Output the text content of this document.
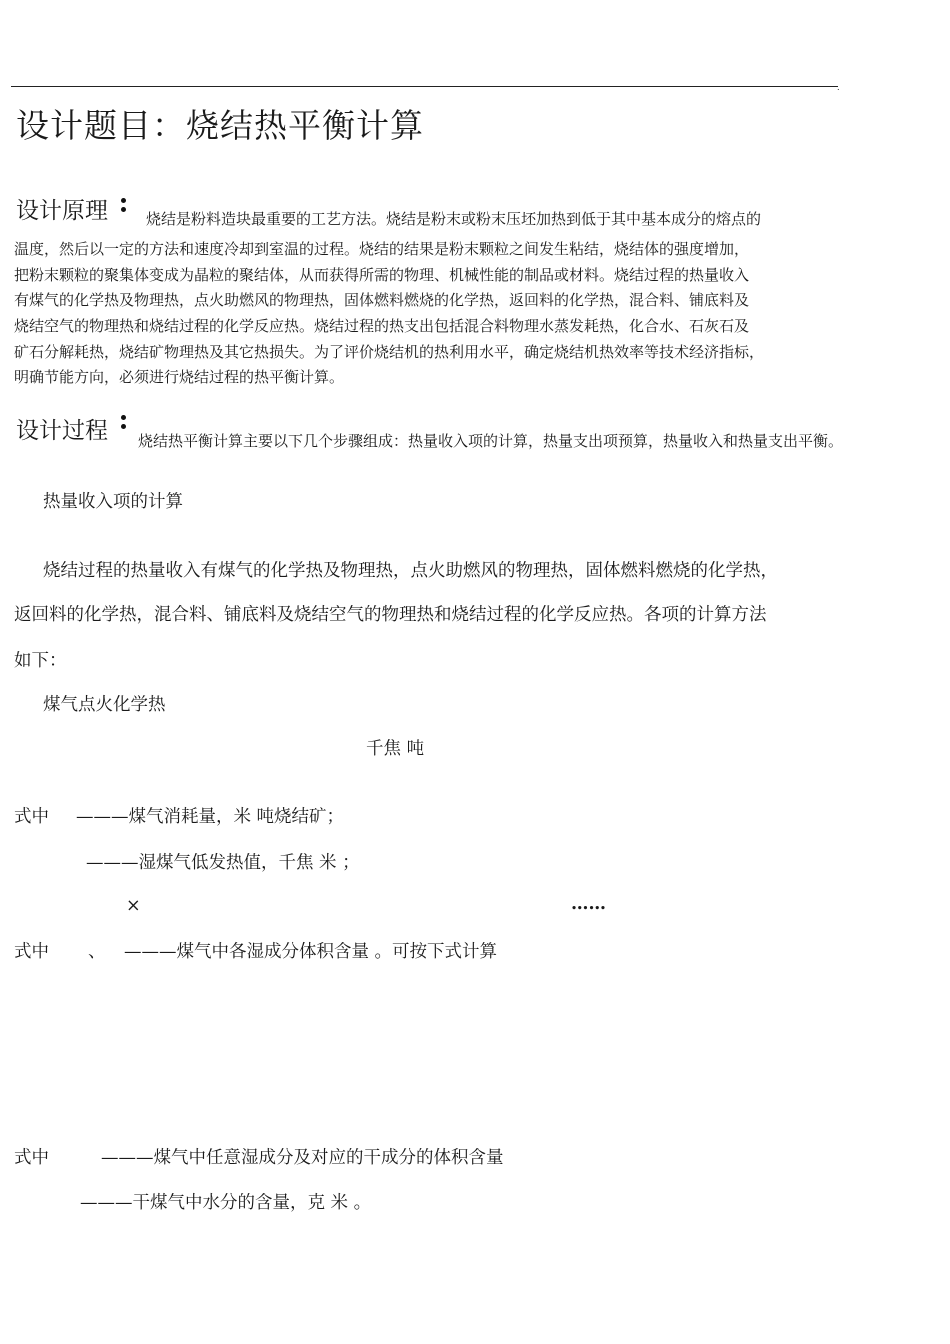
.
设计题目：烧结热平衡计算
设计原理	烧结是粉料造块最重要的工艺方法。烧结是粉末或粉末压坯加热到低于其中基本成分的熔点的
温度，然后以一定的方法和速度冷却到室温的过程。烧结的结果是粉末颗粒之间发生粘结，烧结体的强度增加，
把粉末颗粒的聚集体变成为晶粒的聚结体，从而获得所需的物理、机械性能的制品或材料。烧结过程的热量收入
有煤气的化学热及物理热，点火助燃风的物理热，固体燃料燃烧的化学热，返回料的化学热，混合料、铺底料及
烧结空气的物理热和烧结过程的化学反应热。烧结过程的热支出包括混合料物理水蒸发耗热，化合水、石灰石及
矿石分解耗热，烧结矿物理热及其它热损失。为了评价烧结机的热利用水平，确定烧结机热效率等技术经济指标，
明确节能方向，必须进行烧结过程的热平衡计算。
设计过程 烧结热平衡计算主要以下几个步骤组成：热量收入项的计算，热量支出项预算，热量收入和热量支出平衡。
热量收入项的计算
烧结过程的热量收入有煤气的化学热及物理热，点火助燃风的物理热，固体燃料燃烧的化学热，
返回料的化学热，混合料、铺底料及烧结空气的物理热和烧结过程的化学反应热。各项的计算方法
如下：
煤气点火化学热
千焦 吨
式中 ———煤气消耗量，米 吨烧结矿；
———湿煤气低发热值，千焦 米 ；
×	……
式中 、 ———煤气中各湿成分体积含量 。可按下式计算
式中	———煤气中任意湿成分及对应的干成分的体积含量
———干煤气中水分的含量，克 米 。
